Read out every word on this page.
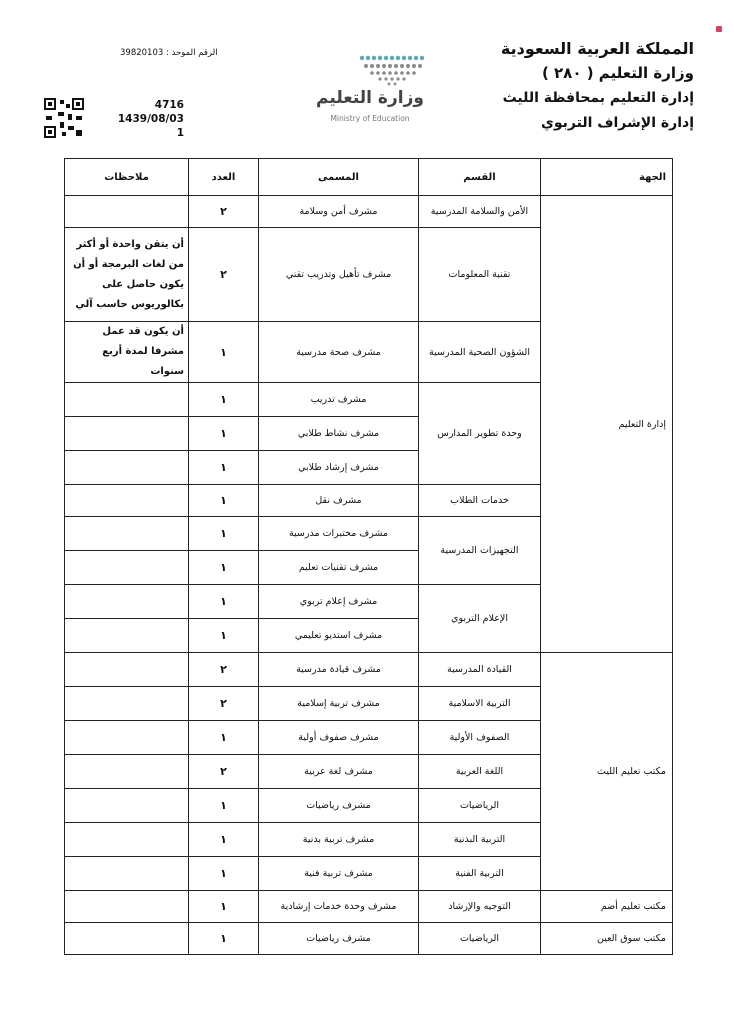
المملكة العربية السعودية
وزارة التعليم ( ٢٨٠ )
إدارة التعليم بمحافظة الليث
إدارة الإشراف التربوي
الرقم الموحد : 39820103
4716
1439/08/03
1
وزارة التعليم
Ministry of Education
الجهة	القسم	المسمى	العدد	ملاحظات
إدارة التعليم	الأمن والسلامة المدرسية	مشرف أمن وسلامة	٢	
	تقنية المعلومات	مشرف تأهيل وتدريب تقني	٢	أن يتقن واحدة أو أكثر من لغات البرمجة أو أن يكون حاصل على بكالوريوس حاسب آلي
	الشؤون الصحية المدرسية	مشرف صحة مدرسية	١	أن يكون قد عمل مشرفا لمدة أربع سنوات
	وحدة تطوير المدارس	مشرف تدريب	١	
		مشرف نشاط طلابي	١	
		مشرف إرشاد طلابي	١	
	خدمات الطلاب	مشرف نقل	١	
	التجهيزات المدرسية	مشرف مختبرات مدرسية	١	
		مشرف تقنيات تعليم	١	
	الإعلام التربوي	مشرف إعلام تربوي	١	
		مشرف استديو تعليمي	١	
مكتب تعليم الليث	القيادة المدرسية	مشرف قيادة مدرسية	٢	
	التربية الاسلامية	مشرف تربية إسلامية	٢	
	الصفوف الأولية	مشرف صفوف أولية	١	
	اللغة العربية	مشرف لغة عربية	٢	
	الرياضيات	مشرف رياضيات	١	
	التربية البدنية	مشرف تربية بدنية	١	
	التربية الفنية	مشرف تربية فنية	١	
مكتب تعليم أضم	التوجيه والإرشاد	مشرف وحدة خدمات إرشادية	١	
مكتب سوق العين	الرياضيات	مشرف رياضيات	١	
